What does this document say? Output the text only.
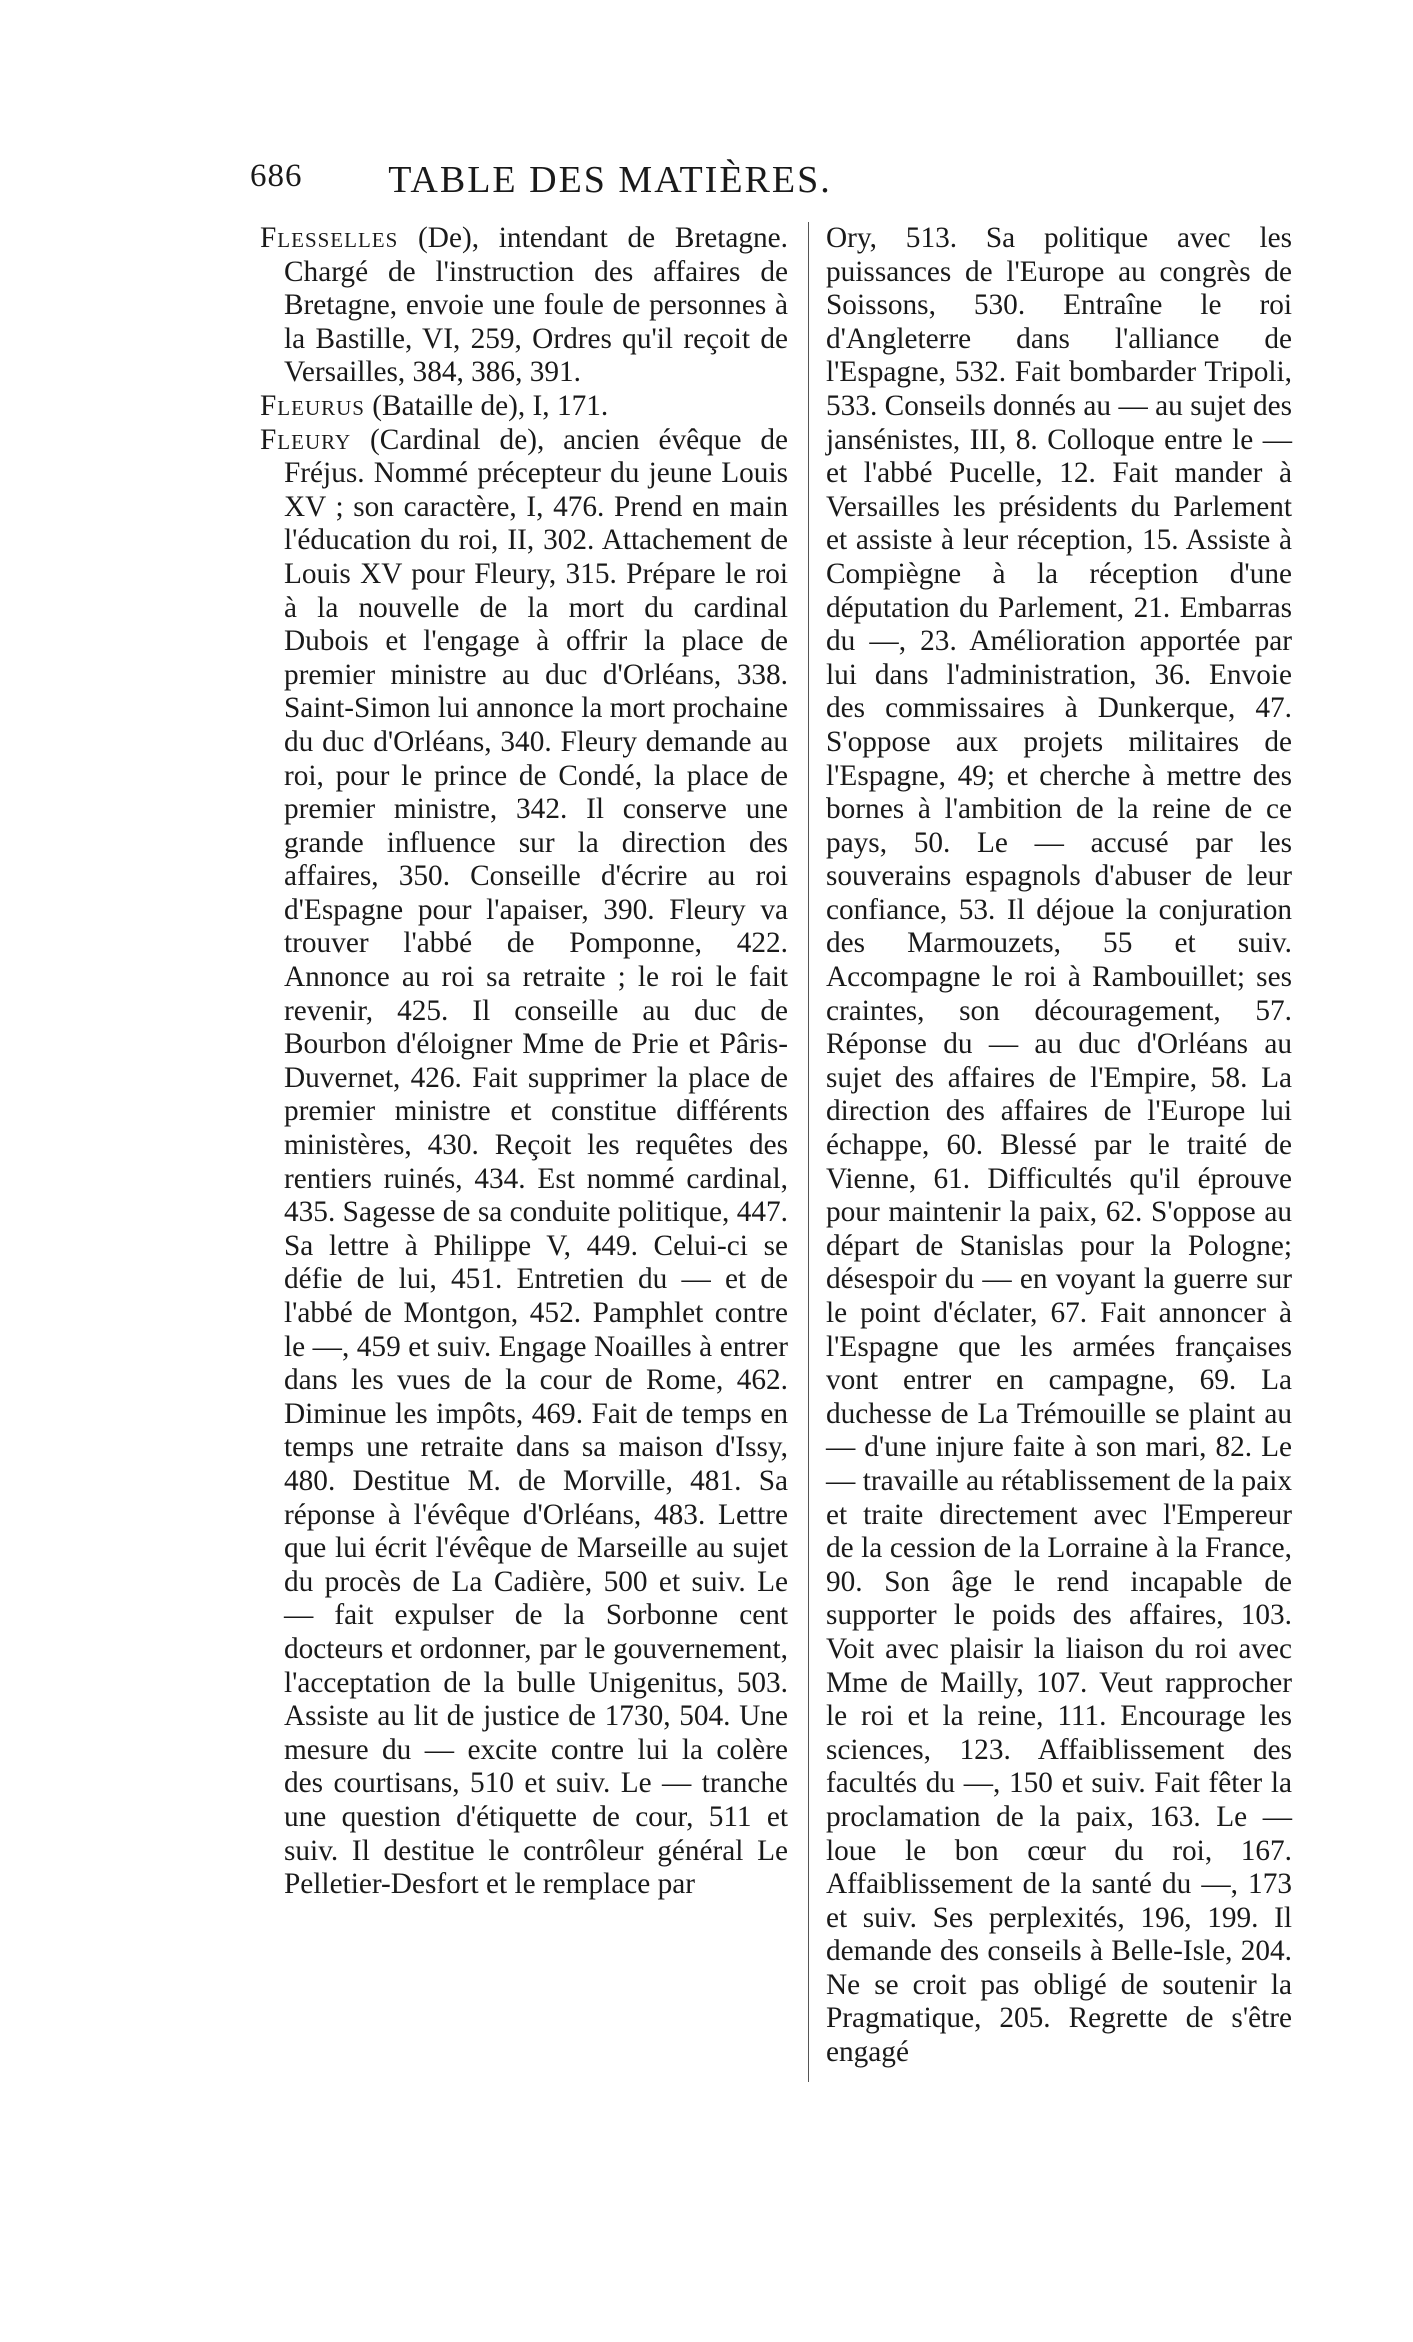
686	TABLE DES MATIÈRES.

Flesselles (De), intendant de Bretagne. Chargé de l'instruction des affaires de Bretagne, envoie une foule de personnes à la Bastille, VI, 259, Ordres qu'il reçoit de Versailles, 384, 386, 391.

Fleurus (Bataille de), I, 171.

Fleury (Cardinal de), ancien évêque de Fréjus. Nommé précepteur du jeune Louis XV ; son caractère, I, 476. Prend en main l'éducation du roi, II, 302. Attachement de Louis XV pour Fleury, 315. Prépare le roi à la nouvelle de la mort du cardinal Dubois et l'engage à offrir la place de premier ministre au duc d'Orléans, 338. Saint-Simon lui annonce la mort prochaine du duc d'Orléans, 340. Fleury demande au roi, pour le prince de Condé, la place de premier ministre, 342. Il conserve une grande influence sur la direction des affaires, 350. Conseille d'écrire au roi d'Espagne pour l'apaiser, 390. Fleury va trouver l'abbé de Pomponne, 422. Annonce au roi sa retraite ; le roi le fait revenir, 425. Il conseille au duc de Bourbon d'éloigner Mme de Prie et Pâris-Duvernet, 426. Fait supprimer la place de premier ministre et constitue différents ministères, 430. Reçoit les requêtes des rentiers ruinés, 434. Est nommé cardinal, 435. Sagesse de sa conduite politique, 447. Sa lettre à Philippe V, 449. Celui-ci se défie de lui, 451. Entretien du — et de l'abbé de Montgon, 452. Pamphlet contre le —, 459 et suiv. Engage Noailles à entrer dans les vues de la cour de Rome, 462. Diminue les impôts, 469. Fait de temps en temps une retraite dans sa maison d'Issy, 480. Destitue M. de Morville, 481. Sa réponse à l'évêque d'Orléans, 483. Lettre que lui écrit l'évêque de Marseille au sujet du procès de La Cadière, 500 et suiv. Le — fait expulser de la Sorbonne cent docteurs et ordonner, par le gouvernement, l'acceptation de la bulle Unigenitus, 503. Assiste au lit de justice de 1730, 504. Une mesure du — excite contre lui la colère des courtisans, 510 et suiv. Le — tranche une question d'étiquette de cour, 511 et suiv. Il destitue le contrôleur général Le Pelletier-Desfort et le remplace par

Ory, 513. Sa politique avec les puissances de l'Europe au congrès de Soissons, 530. Entraîne le roi d'Angleterre dans l'alliance de l'Espagne, 532. Fait bombarder Tripoli, 533. Conseils donnés au — au sujet des jansénistes, III, 8. Colloque entre le — et l'abbé Pucelle, 12. Fait mander à Versailles les présidents du Parlement et assiste à leur réception, 15. Assiste à Compiègne à la réception d'une députation du Parlement, 21. Embarras du —, 23. Amélioration apportée par lui dans l'administration, 36. Envoie des commissaires à Dunkerque, 47. S'oppose aux projets militaires de l'Espagne, 49; et cherche à mettre des bornes à l'ambition de la reine de ce pays, 50. Le — accusé par les souverains espagnols d'abuser de leur confiance, 53. Il déjoue la conjuration des Marmouzets, 55 et suiv. Accompagne le roi à Rambouillet; ses craintes, son découragement, 57. Réponse du — au duc d'Orléans au sujet des affaires de l'Empire, 58. La direction des affaires de l'Europe lui échappe, 60. Blessé par le traité de Vienne, 61. Difficultés qu'il éprouve pour maintenir la paix, 62. S'oppose au départ de Stanislas pour la Pologne; désespoir du — en voyant la guerre sur le point d'éclater, 67. Fait annoncer à l'Espagne que les armées françaises vont entrer en campagne, 69. La duchesse de La Trémouille se plaint au — d'une injure faite à son mari, 82. Le — travaille au rétablissement de la paix et traite directement avec l'Empereur de la cession de la Lorraine à la France, 90. Son âge le rend incapable de supporter le poids des affaires, 103. Voit avec plaisir la liaison du roi avec Mme de Mailly, 107. Veut rapprocher le roi et la reine, 111. Encourage les sciences, 123. Affaiblissement des facultés du —, 150 et suiv. Fait fêter la proclamation de la paix, 163. Le — loue le bon cœur du roi, 167. Affaiblissement de la santé du —, 173 et suiv. Ses perplexités, 196, 199. Il demande des conseils à Belle-Isle, 204. Ne se croit pas obligé de soutenir la Pragmatique, 205. Regrette de s'être engagé
